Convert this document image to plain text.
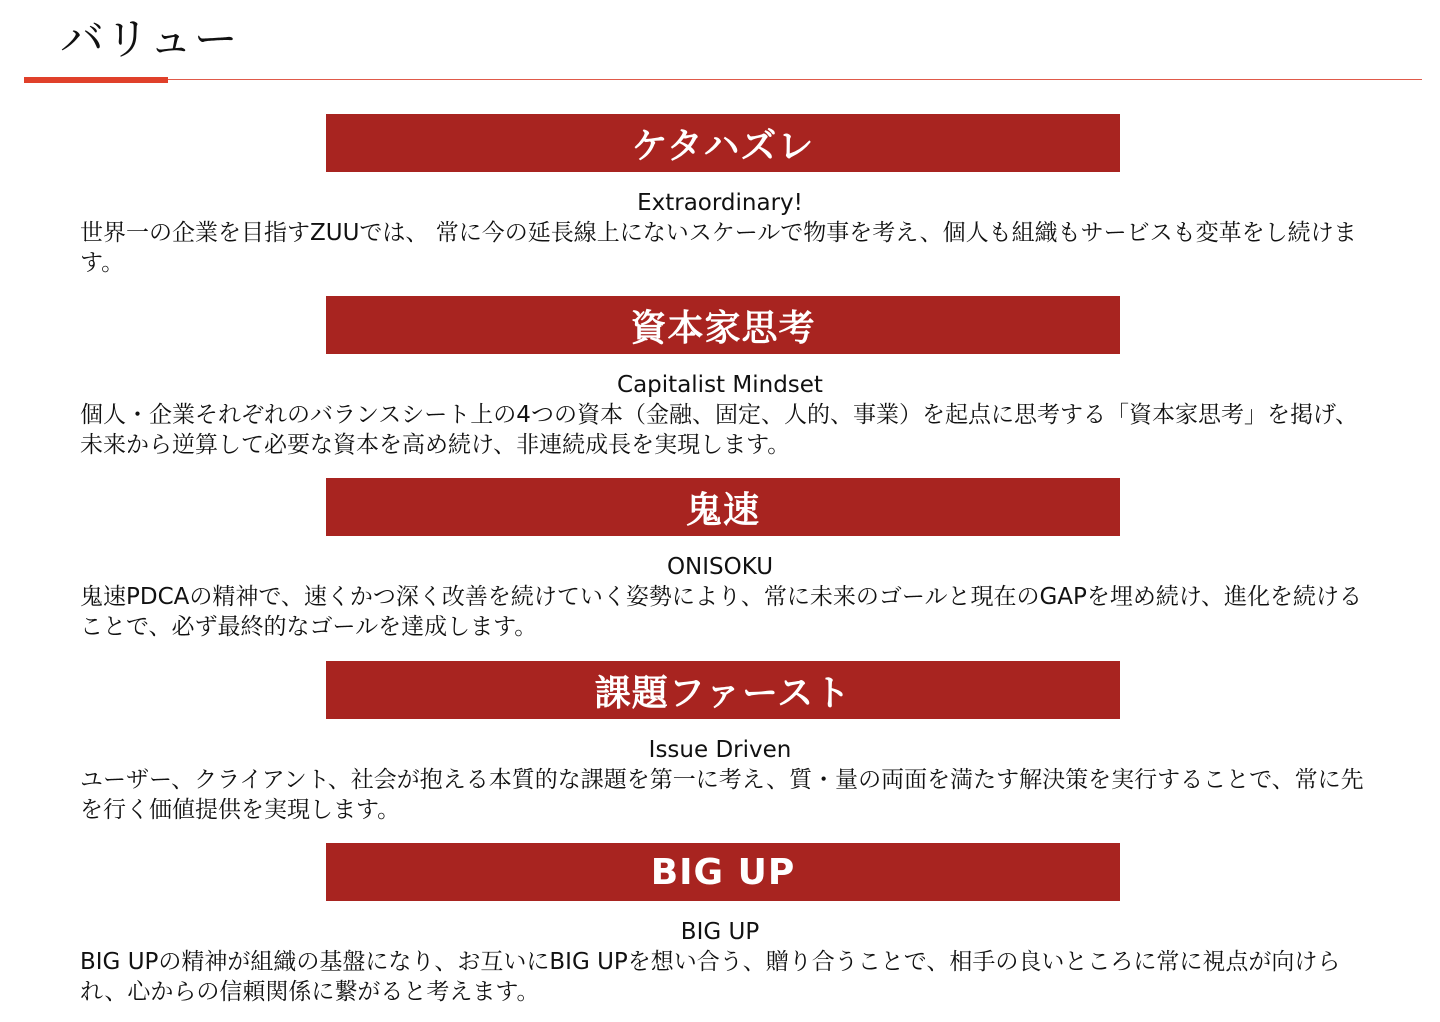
バリュー
ケタハズレ
Extraordinary!

世界一の企業を目指すZUUでは、 常に今の延長線上にないスケールで物事を考え、個人も組織もサービスも変革をし続けます。

資本家思考
Capitalist Mindset

個人・企業それぞれのバランスシート上の4つの資本（金融、固定、人的、事業）を起点に思考する「資本家思考」を掲げ、未来から逆算して必要な資本を高め続け、非連続成長を実現します。

鬼速
ONISOKU

鬼速PDCAの精神で、速くかつ深く改善を続けていく姿勢により、常に未来のゴールと現在のGAPを埋め続け、進化を続けることで、必ず最終的なゴールを達成します。

課題ファースト
Issue Driven

ユーザー、クライアント、社会が抱える本質的な課題を第一に考え、質・量の両面を満たす解決策を実行することで、常に先を行く価値提供を実現します。

BIG UP
BIG UP

BIG UPの精神が組織の基盤になり、お互いにBIG UPを想い合う、贈り合うことで、相手の良いところに常に視点が向けられ、心からの信頼関係に繋がると考えます。
